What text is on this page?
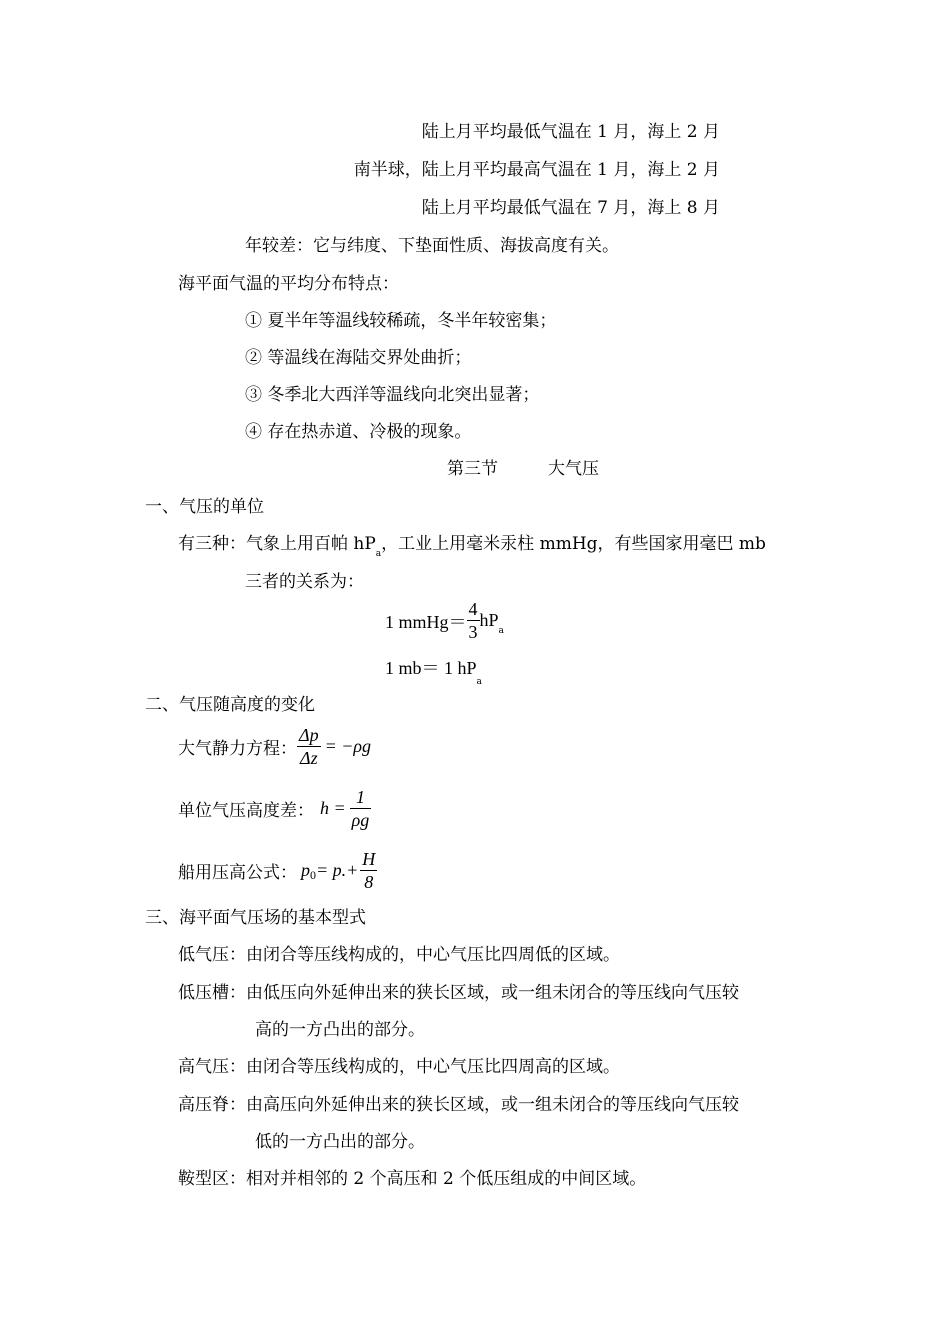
陆上月平均最低气温在 1 月，海上 2 月
南半球，陆上月平均最高气温在 1 月，海上 2 月
陆上月平均最低气温在 7 月，海上 8 月
年较差：它与纬度、下垫面性质、海拔高度有关。
海平面气温的平均分布特点：
① 夏半年等温线较稀疏，冬半年较密集；
② 等温线在海陆交界处曲折；
③ 冬季北大西洋等温线向北突出显著；
④ 存在热赤道、冷极的现象。
第三节	大气压
一、气压的单位
有三种：气象上用百帕 $hP_a$，工业上用毫米汞柱 mmHg，有些国家用毫巴 mb
三者的关系为：
1 mmHg＝ $\frac{4}{3}$ hP
a
1 mb＝ 1 $hP_a$
二、气压随高度的变化
大气静力方程： $\frac{\Delta p}{\Delta z} = -\rho g$
单位气压高度差： $h = \frac{1}{\rho g}$
船用压高公式： p $0 = p.+ \frac{H}{8}$
三、海平面气压场的基本型式
低气压：由闭合等压线构成的，中心气压比四周低的区域。
低压槽：由低压向外延伸出来的狭长区域，或一组未闭合的等压线向气压较
高的一方凸出的部分。
高气压：由闭合等压线构成的，中心气压比四周高的区域。
高压脊：由高压向外延伸出来的狭长区域，或一组未闭合的等压线向气压较
低的一方凸出的部分。
鞍型区：相对并相邻的 2 个高压和 2 个低压组成的中间区域。
